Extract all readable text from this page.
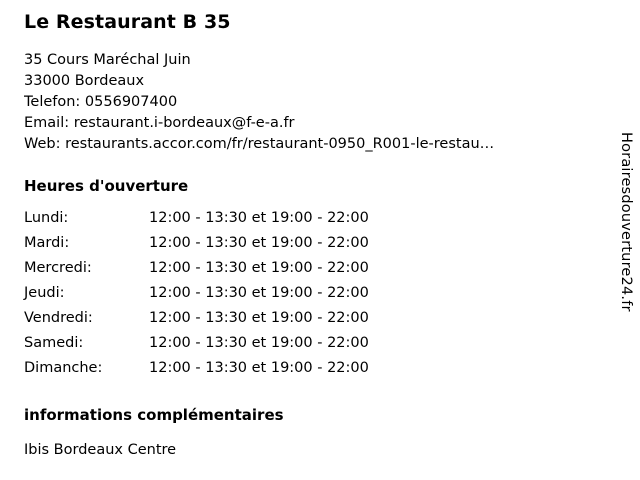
Le Restaurant B 35
35 Cours Maréchal Juin
33000 Bordeaux
Telefon: 0556907400
Email: restaurant.i-bordeaux@f-e-a.fr
Web: restaurants.accor.com/fr/restaurant-0950_R001-le-restau…
Heures d'ouverture
Lundi:	12:00 - 13:30 et 19:00 - 22:00
Mardi:	12:00 - 13:30 et 19:00 - 22:00
Mercredi:	12:00 - 13:30 et 19:00 - 22:00
Jeudi:	12:00 - 13:30 et 19:00 - 22:00
Vendredi:	12:00 - 13:30 et 19:00 - 22:00
Samedi:	12:00 - 13:30 et 19:00 - 22:00
Dimanche:	12:00 - 13:30 et 19:00 - 22:00
informations complémentaires
Ibis Bordeaux Centre
Horairesdouverture24.fr
